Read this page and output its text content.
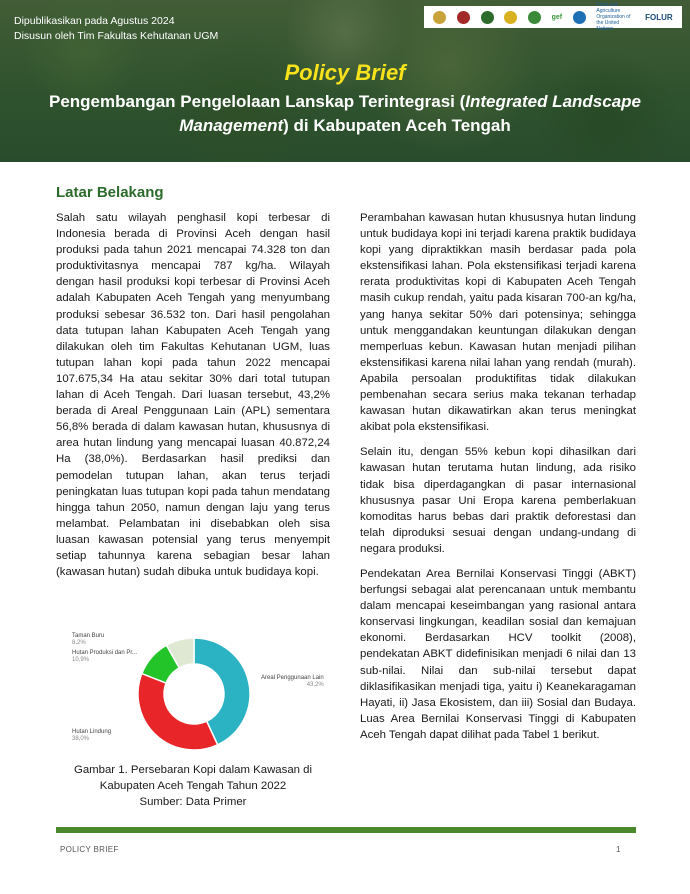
Dipublikasikan pada Agustus 2024
Disusun oleh Tim Fakultas Kehutanan UGM
gef
Food and Agriculture Organization of the United Nations
FOLUR
Policy Brief
Pengembangan Pengelolaan Lanskap Terintegrasi (Integrated Landscape Management) di Kabupaten Aceh Tengah
Latar Belakang

Salah satu wilayah penghasil kopi terbesar di Indonesia berada di Provinsi Aceh dengan hasil produksi pada tahun 2021 mencapai 74.328 ton dan produktivitasnya mencapai 787 kg/ha. Wilayah dengan hasil produksi kopi terbesar di Provinsi Aceh adalah Kabupaten Aceh Tengah yang menyumbang produksi sebesar 36.532 ton. Dari hasil pengolahan data tutupan lahan Kabupaten Aceh Tengah yang dilakukan oleh tim Fakultas Kehutanan UGM, luas tutupan lahan kopi pada tahun 2022 mencapai 107.675,34 Ha atau sekitar 30% dari total tutupan lahan di Aceh Tengah. Dari luasan tersebut, 43,2% berada di Areal Penggunaan Lain (APL) sementara 56,8% berada di dalam kawasan hutan, khususnya di area hutan lindung yang mencapai luasan 40.872,24 Ha (38,0%). Berdasarkan hasil prediksi dan pemodelan tutupan lahan, akan terus terjadi peningkatan luas tutupan kopi pada tahun mendatang hingga tahun 2050, namun dengan laju yang terus melambat. Pelambatan ini disebabkan oleh sisa luasan kawasan potensial yang terus menyempit setiap tahunnya karena sebagian besar lahan (kawasan hutan) sudah dibuka untuk budidaya kopi.

Taman Buru
8,2%
Hutan Produksi dan Pr...
10,9%
Areal Penggunaan Lain
43,2%
Hutan Lindung
38,0%
Gambar 1. Persebaran Kopi dalam Kawasan di
Kabupaten Aceh Tengah Tahun 2022
Sumber: Data Primer

Perambahan kawasan hutan khususnya hutan lindung untuk budidaya kopi ini terjadi karena praktik budidaya kopi yang dipraktikkan masih berdasar pada pola ekstensifikasi lahan. Pola ekstensifikasi terjadi karena rerata produktivitas kopi di Kabupaten Aceh Tengah masih cukup rendah, yaitu pada kisaran 700-an kg/ha, yang hanya sekitar 50% dari potensinya; sehingga untuk menggandakan keuntungan dilakukan dengan memperluas kebun. Kawasan hutan menjadi pilihan ekstensifikasi karena nilai lahan yang rendah (murah). Apabila persoalan produktifitas tidak dilakukan pembenahan secara serius maka tekanan terhadap kawasan hutan dikawatirkan akan terus meningkat akibat pola ekstensifikasi.

Selain itu, dengan 55% kebun kopi dihasilkan dari kawasan hutan terutama hutan lindung, ada risiko tidak bisa diperdagangkan di pasar internasional khususnya pasar Uni Eropa karena pemberlakuan komoditas harus bebas dari praktik deforestasi dan telah diproduksi sesuai dengan undang-undang di negara produksi.

Pendekatan Area Bernilai Konservasi Tinggi (ABKT) berfungsi sebagai alat perencanaan untuk membantu dalam mencapai keseimbangan yang rasional antara konservasi lingkungan, keadilan sosial dan kemajuan ekonomi. Berdasarkan HCV toolkit (2008), pendekatan ABKT didefinisikan menjadi 6 nilai dan 13 sub-nilai. Nilai dan sub-nilai tersebut dapat diklasifikasikan menjadi tiga, yaitu i) Keanekaragaman Hayati, ii) Jasa Ekosistem, dan iii) Sosial dan Budaya. Luas Area Bernilai Konservasi Tinggi di Kabupaten Aceh Tengah dapat dilihat pada Tabel 1 berikut.

POLICY BRIEF	1
